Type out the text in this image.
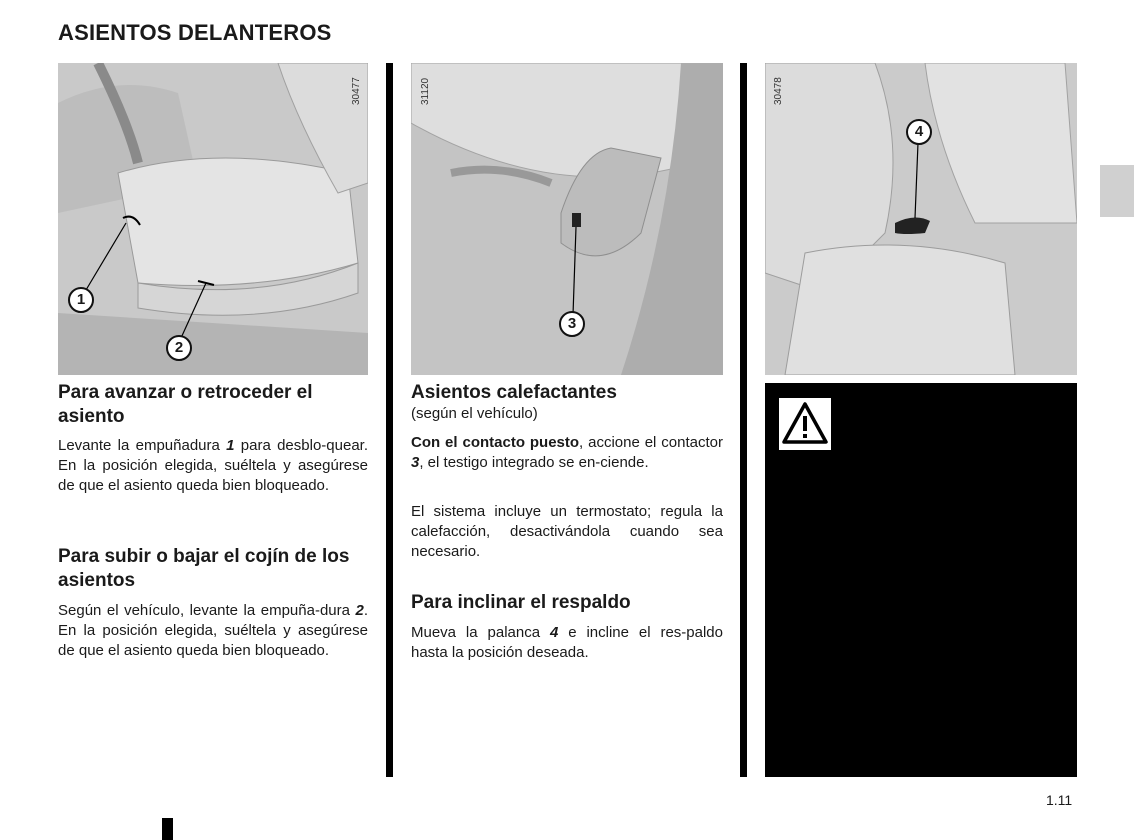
ASIENTOS DELANTEROS
30477
1
2
31120
3
30478
4
Para avanzar o retroceder el asiento
Levante la empuñadura 1 para desblo-quear. En la posición elegida, suéltela y asegúrese de que el asiento queda bien bloqueado.
Para subir o bajar el cojín de los asientos
Según el vehículo, levante la empuña-dura 2. En la posición elegida, suéltela y asegúrese de que el asiento queda bien bloqueado.
Asientos calefactantes
(según el vehículo)
Con el contacto puesto, accione el contactor 3, el testigo integrado se en-ciende.
El sistema incluye un termostato; regula la calefacción, desactivándola cuando sea necesario.
Para inclinar el respaldo
Mueva la palanca 4 e incline el res-paldo hasta la posición deseada.
1.11
